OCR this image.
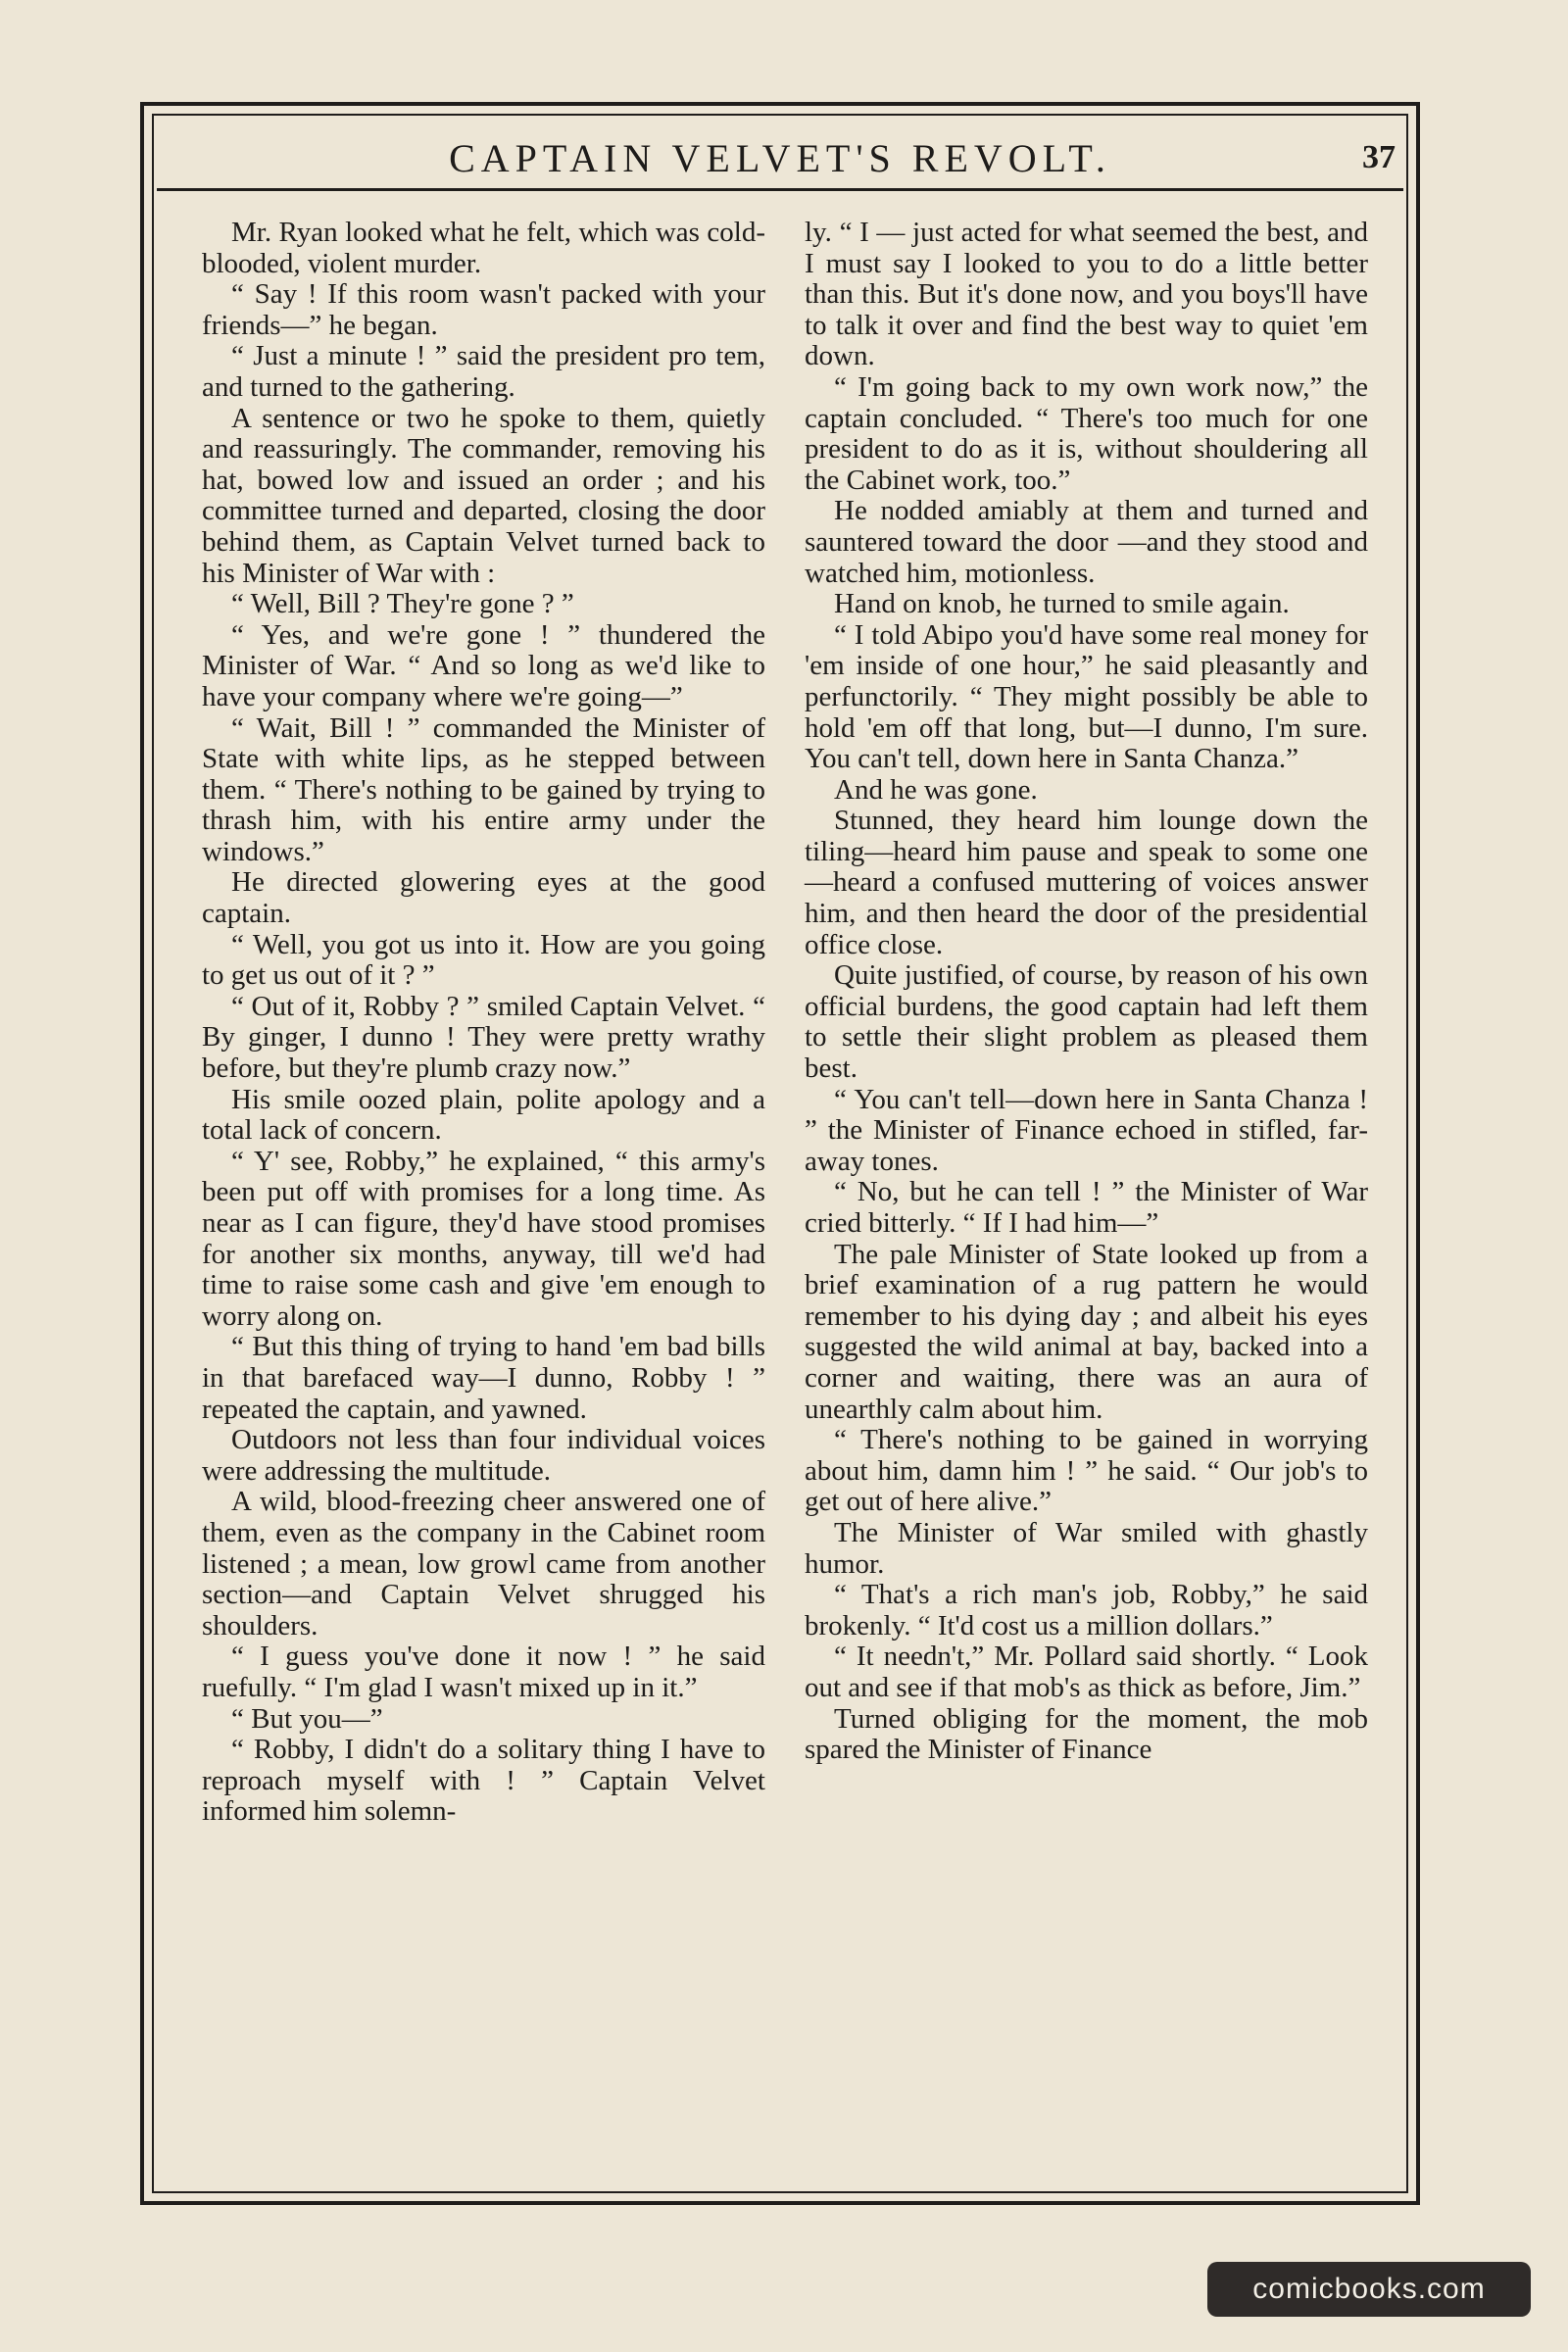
CAPTAIN VELVET'S REVOLT.	37

Mr. Ryan looked what he felt, which was cold-blooded, violent murder.

“ Say ! If this room wasn't packed with your friends—” he began.

“ Just a minute ! ” said the president pro tem, and turned to the gathering.

A sentence or two he spoke to them, quietly and reassuringly. The commander, removing his hat, bowed low and issued an order ; and his committee turned and departed, closing the door behind them, as Captain Velvet turned back to his Minister of War with :

“ Well, Bill ? They're gone ? ”

“ Yes, and we're gone ! ” thundered the Minister of War. “ And so long as we'd like to have your company where we're going—”

“ Wait, Bill ! ” commanded the Minister of State with white lips, as he stepped between them. “ There's nothing to be gained by trying to thrash him, with his entire army under the windows.”

He directed glowering eyes at the good captain.

“ Well, you got us into it. How are you going to get us out of it ? ”

“ Out of it, Robby ? ” smiled Captain Velvet. “ By ginger, I dunno ! They were pretty wrathy before, but they're plumb crazy now.”

His smile oozed plain, polite apology and a total lack of concern.

“ Y' see, Robby,” he explained, “ this army's been put off with promises for a long time. As near as I can figure, they'd have stood promises for another six months, anyway, till we'd had time to raise some cash and give 'em enough to worry along on.

“ But this thing of trying to hand 'em bad bills in that barefaced way—I dunno, Robby ! ” repeated the captain, and yawned.

Outdoors not less than four individual voices were addressing the multitude.

A wild, blood-freezing cheer answered one of them, even as the company in the Cabinet room listened ; a mean, low growl came from another section—and Captain Velvet shrugged his shoulders.

“ I guess you've done it now ! ” he said ruefully. “ I'm glad I wasn't mixed up in it.”

“ But you—”

“ Robby, I didn't do a solitary thing I have to reproach myself with ! ” Captain Velvet informed him solemn-

ly. “ I — just acted for what seemed the best, and I must say I looked to you to do a little better than this. But it's done now, and you boys'll have to talk it over and find the best way to quiet 'em down.

“ I'm going back to my own work now,” the captain concluded. “ There's too much for one president to do as it is, without shouldering all the Cabinet work, too.”

He nodded amiably at them and turned and sauntered toward the door —and they stood and watched him, motionless.

Hand on knob, he turned to smile again.

“ I told Abipo you'd have some real money for 'em inside of one hour,” he said pleasantly and perfunctorily. “ They might possibly be able to hold 'em off that long, but—I dunno, I'm sure. You can't tell, down here in Santa Chanza.”

And he was gone.

Stunned, they heard him lounge down the tiling—heard him pause and speak to some one—heard a confused muttering of voices answer him, and then heard the door of the presidential office close.

Quite justified, of course, by reason of his own official burdens, the good captain had left them to settle their slight problem as pleased them best.

“ You can't tell—down here in Santa Chanza ! ” the Minister of Finance echoed in stifled, far-away tones.

“ No, but he can tell ! ” the Minister of War cried bitterly. “ If I had him—”

The pale Minister of State looked up from a brief examination of a rug pattern he would remember to his dying day ; and albeit his eyes suggested the wild animal at bay, backed into a corner and waiting, there was an aura of unearthly calm about him.

“ There's nothing to be gained in worrying about him, damn him ! ” he said. “ Our job's to get out of here alive.”

The Minister of War smiled with ghastly humor.

“ That's a rich man's job, Robby,” he said brokenly. “ It'd cost us a million dollars.”

“ It needn't,” Mr. Pollard said shortly. “ Look out and see if that mob's as thick as before, Jim.”

Turned obliging for the moment, the mob spared the Minister of Finance

comicbooks.com
